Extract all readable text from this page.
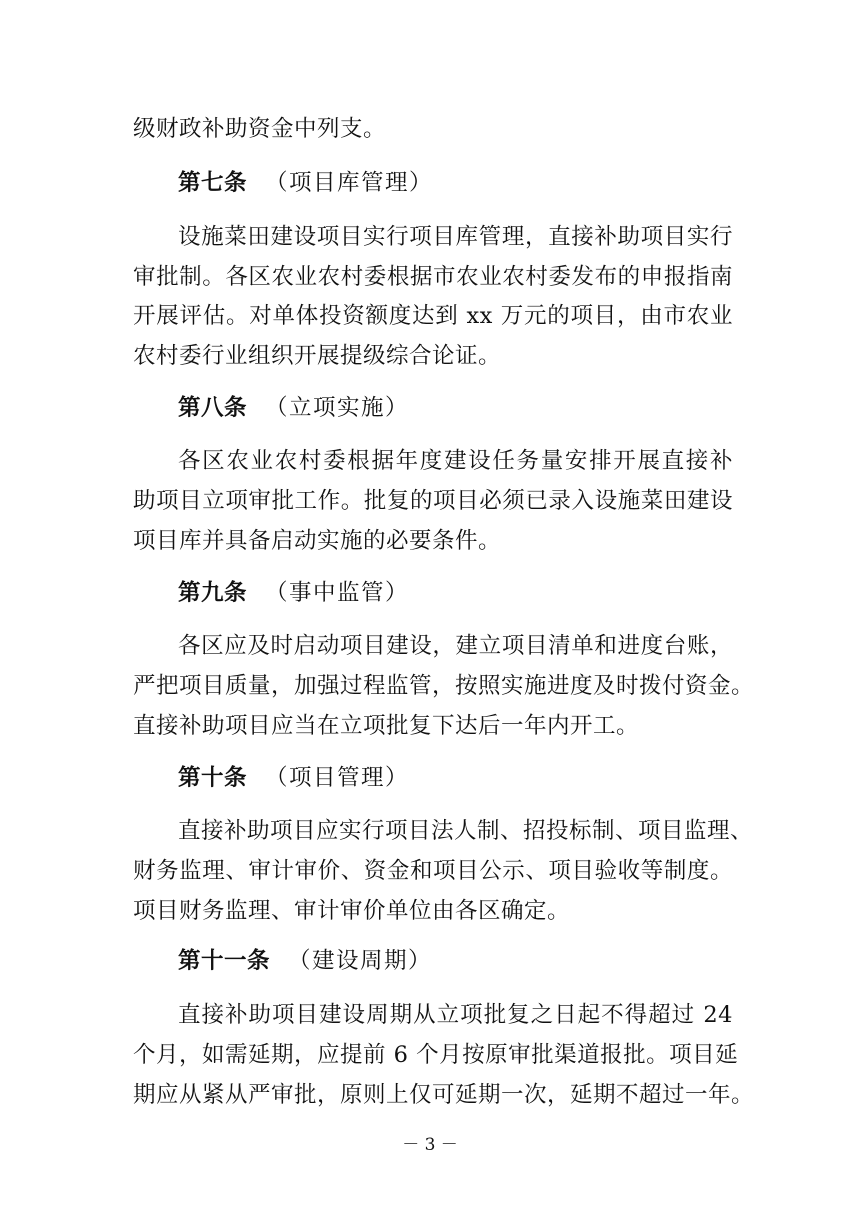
级财政补助资金中列支。
第七条 （项目库管理）
设施菜田建设项目实行项目库管理，直接补助项目实行
审批制。各区农业农村委根据市农业农村委发布的申报指南
开展评估。对单体投资额度达到 xx 万元的项目，由市农业
农村委行业组织开展提级综合论证。
第八条 （立项实施）
各区农业农村委根据年度建设任务量安排开展直接补
助项目立项审批工作。批复的项目必须已录入设施菜田建设
项目库并具备启动实施的必要条件。
第九条 （事中监管）
各区应及时启动项目建设，建立项目清单和进度台账，
严把项目质量，加强过程监管，按照实施进度及时拨付资金。
直接补助项目应当在立项批复下达后一年内开工。
第十条 （项目管理）
直接补助项目应实行项目法人制、招投标制、项目监理、
财务监理、审计审价、资金和项目公示、项目验收等制度。
项目财务监理、审计审价单位由各区确定。
第十一条 （建设周期）
直接补助项目建设周期从立项批复之日起不得超过 24
个月，如需延期，应提前 6 个月按原审批渠道报批。项目延
期应从紧从严审批，原则上仅可延期一次，延期不超过一年。
－ 3 －
